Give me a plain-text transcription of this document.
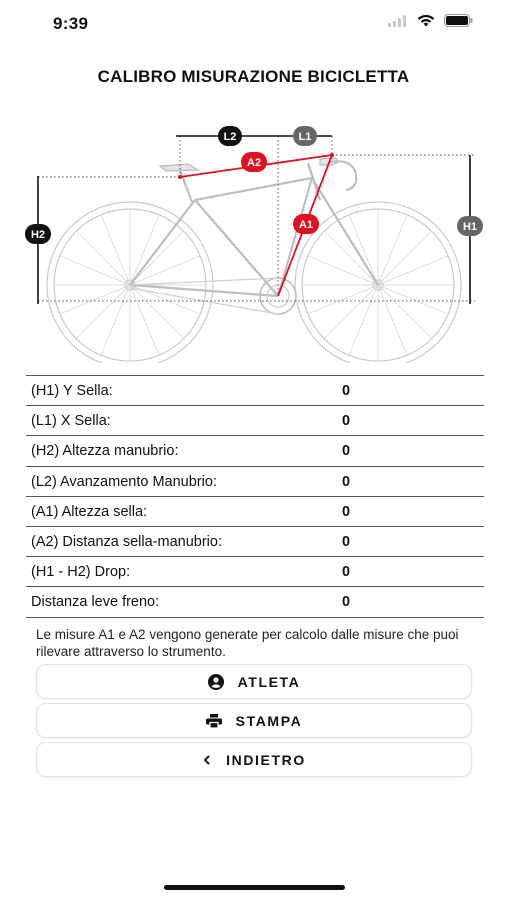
9:39
CALIBRO MISURAZIONE BICICLETTA
L2	L1
A2
A1
H2
H1
(H1) Y Sella:	0
(L1) X Sella:	0
(H2) Altezza manubrio:	0
(L2) Avanzamento Manubrio:	0
(A1) Altezza sella:	0
(A2) Distanza sella-manubrio:	0
(H1 - H2) Drop:	0
Distanza leve freno:	0

Le misure A1 e A2 vengono generate per calcolo dalle misure che puoi rilevare attraverso lo strumento.

ATLETA
STAMPA
INDIETRO
